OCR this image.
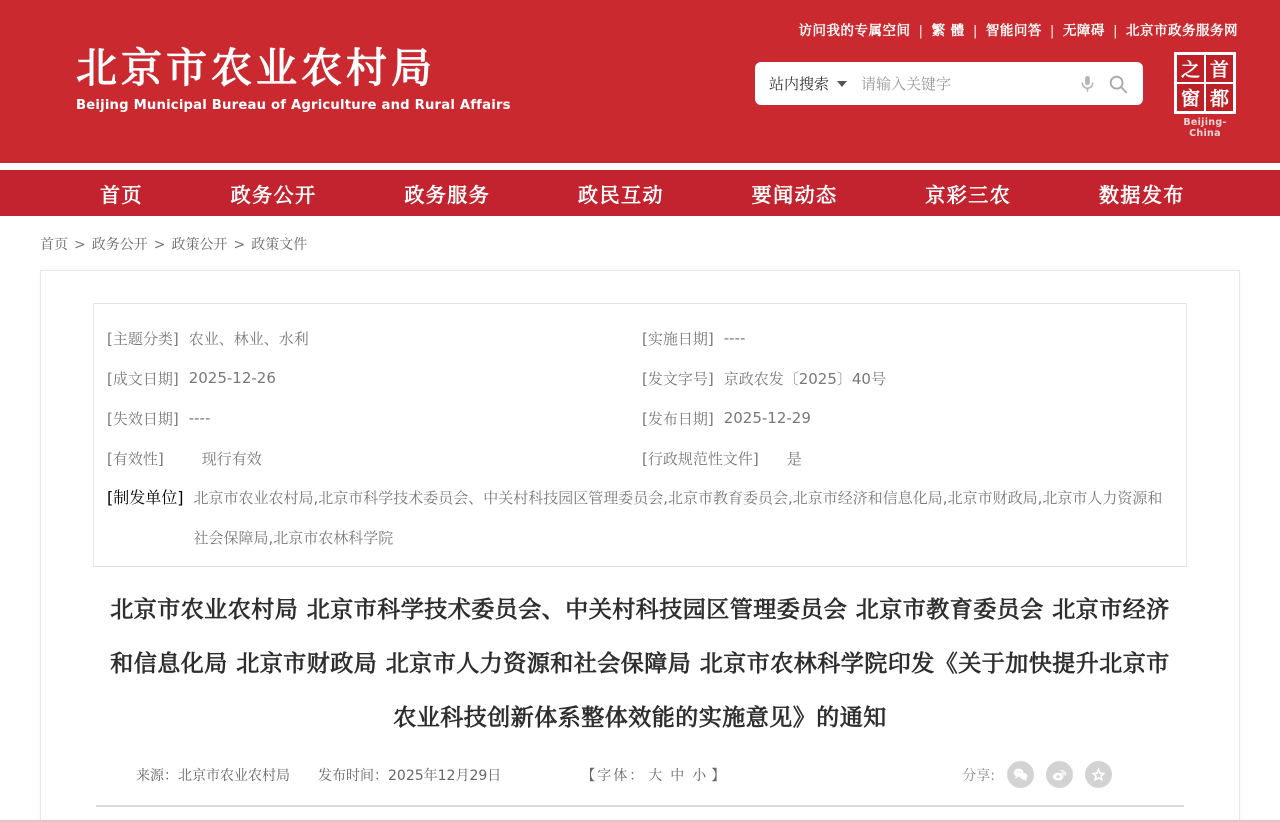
访问我的专属空间 | 繁 體 | 智能问答 | 无障碍 | 北京市政务服务网
北京市农业农村局
Beijing Municipal Bureau of Agriculture and Rural Affairs
站内搜索
请输入关键字
之 首
窗 都
Beijing-China
首页	政务公开	政务服务	政民互动	要闻动态	京彩三农	数据发布
首页 > 政务公开 > 政策公开 > 政策文件
[主题分类] 农业、林业、水利	[实施日期] ----
[成文日期] 2025-12-26	[发文字号] 京政农发〔2025〕40号
[失效日期] ----	[发布日期] 2025-12-29
[有效性]	现行有效	[行政规范性文件] 是
[制发单位] 北京市农业农村局,北京市科学技术委员会、中关村科技园区管理委员会,北京市教育委员会,北京市经济和信息化局,北京市财政局,北京市人力资源和社会保障局,北京市农林科学院
北京市农业农村局 北京市科学技术委员会、中关村科技园区管理委员会 北京市教育委员会 北京市经济和信息化局 北京市财政局 北京市人力资源和社会保障局 北京市农林科学院印发《关于加快提升北京市农业科技创新体系整体效能的实施意见》的通知
来源：北京市农业农村局 发布时间：2025年12月29日	【字体： 大 中 小 】	分享:
